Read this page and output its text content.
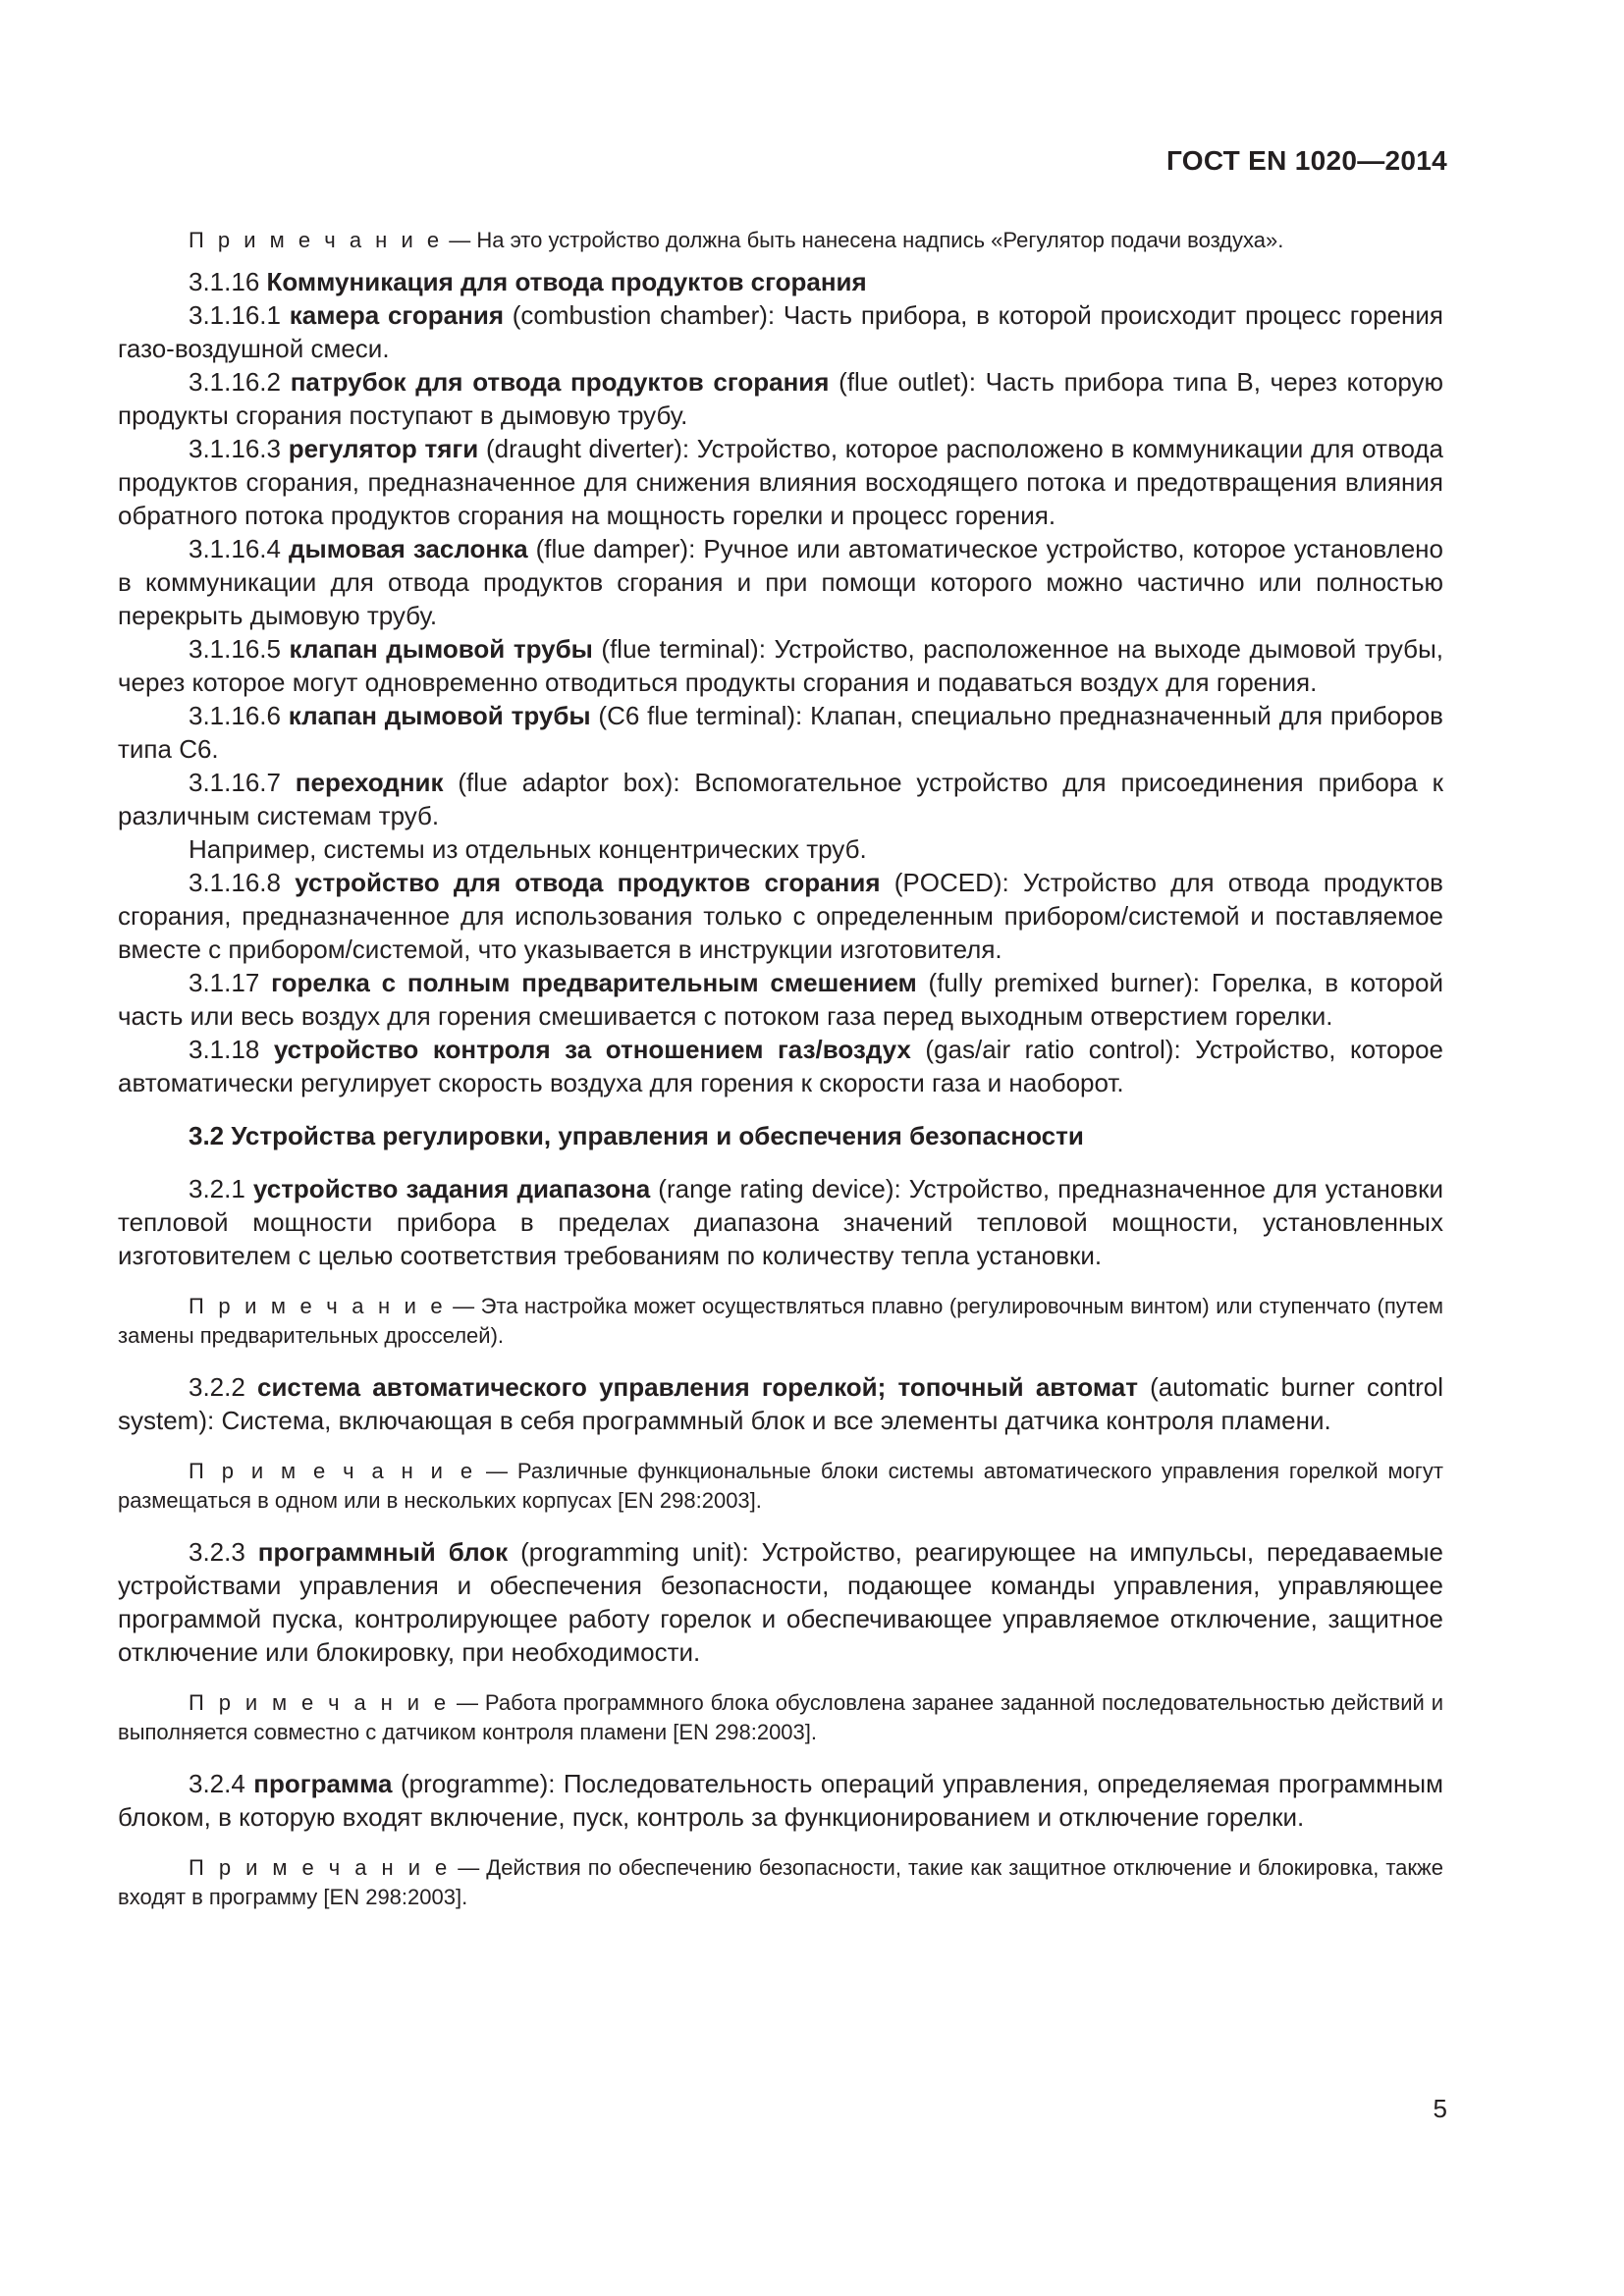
ГОСТ EN 1020—2014

П р и м е ч а н и е — На это устройство должна быть нанесена надпись «Регулятор подачи воздуха».

3.1.16 Коммуникация для отвода продуктов сгорания

3.1.16.1 камера сгорания (combustion chamber): Часть прибора, в которой происходит процесс горения газо-воздушной смеси.

3.1.16.2 патрубок для отвода продуктов сгорания (flue outlet): Часть прибора типа В, через которую продукты сгорания поступают в дымовую трубу.

3.1.16.3 регулятор тяги (draught diverter): Устройство, которое расположено в коммуникации для отвода продуктов сгорания, предназначенное для снижения влияния восходящего потока и предотвращения влияния обратного потока продуктов сгорания на мощность горелки и процесс горения.

3.1.16.4 дымовая заслонка (flue damper): Ручное или автоматическое устройство, которое установлено в коммуникации для отвода продуктов сгорания и при помощи которого можно частично или полностью перекрыть дымовую трубу.

3.1.16.5 клапан дымовой трубы (flue terminal): Устройство, расположенное на выходе дымовой трубы, через которое могут одновременно отводиться продукты сгорания и подаваться воздух для горения.

3.1.16.6 клапан дымовой трубы (С6 flue terminal): Клапан, специально предназначенный для приборов типа С6.

3.1.16.7 переходник (flue adaptor box): Вспомогательное устройство для присоединения прибора к различным системам труб.

Например, системы из отдельных концентрических труб.

3.1.16.8 устройство для отвода продуктов сгорания (POCED): Устройство для отвода продуктов сгорания, предназначенное для использования только с определенным прибором/системой и поставляемое вместе с прибором/системой, что указывается в инструкции изготовителя.

3.1.17 горелка с полным предварительным смешением (fully premixed burner): Горелка, в которой часть или весь воздух для горения смешивается с потоком газа перед выходным отверстием горелки.

3.1.18 устройство контроля за отношением газ/воздух (gas/air ratio control): Устройство, которое автоматически регулирует скорость воздуха для горения к скорости газа и наоборот.

3.2 Устройства регулировки, управления и обеспечения безопасности

3.2.1 устройство задания диапазона (range rating device): Устройство, предназначенное для установки тепловой мощности прибора в пределах диапазона значений тепловой мощности, установленных изготовителем с целью соответствия требованиям по количеству тепла установки.

П р и м е ч а н и е — Эта настройка может осуществляться плавно (регулировочным винтом) или ступенчато (путем замены предварительных дросселей).

3.2.2 система автоматического управления горелкой; топочный автомат (automatic burner control system): Система, включающая в себя программный блок и все элементы датчика контроля пламени.

П р и м е ч а н и е — Различные функциональные блоки системы автоматического управления горелкой могут размещаться в одном или в нескольких корпусах [EN 298:2003].

3.2.3 программный блок (programming unit): Устройство, реагирующее на импульсы, передаваемые устройствами управления и обеспечения безопасности, подающее команды управления, управляющее программой пуска, контролирующее работу горелок и обеспечивающее управляемое отключение, защитное отключение или блокировку, при необходимости.

П р и м е ч а н и е — Работа программного блока обусловлена заранее заданной последовательностью действий и выполняется совместно с датчиком контроля пламени [EN 298:2003].

3.2.4 программа (programme): Последовательность операций управления, определяемая программным блоком, в которую входят включение, пуск, контроль за функционированием и отключение горелки.

П р и м е ч а н и е — Действия по обеспечению безопасности, такие как защитное отключение и блокировка, также входят в программу [EN 298:2003].

5
